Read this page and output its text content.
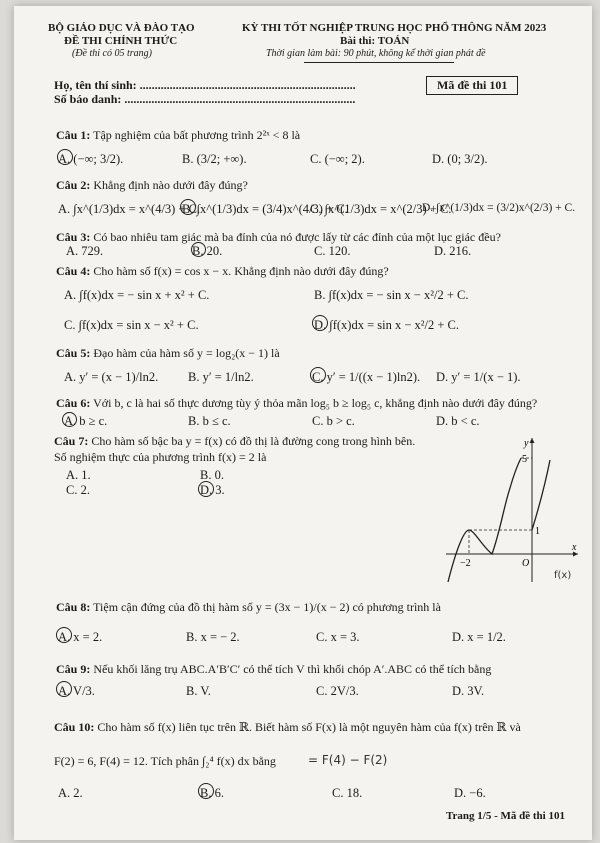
BỘ GIÁO DỤC VÀ ĐÀO TẠO
ĐỀ THI CHÍNH THỨC
(Đề thi có 05 trang)
KỲ THI TỐT NGHIỆP TRUNG HỌC PHỔ THÔNG NĂM 2023
Bài thi: TOÁN
Thời gian làm bài: 90 phút, không kể thời gian phát đề
Họ, tên thí sinh: ........................................................................
Số báo danh: .............................................................................
Mã đề thi 101
Câu 1: Tập nghiệm của bất phương trình 2²ˣ < 8 là
A. (−∞; 3/2).	B. (3/2; +∞).	C. (−∞; 2).	D. (0; 3/2).
Câu 2: Khẳng định nào dưới đây đúng?
A. ∫x^(1/3)dx = x^(4/3) + C.
B. ∫x^(1/3)dx = (3/4)x^(4/3) + C.
C. ∫x^(1/3)dx = x^(2/3) + C.
D. ∫x^(1/3)dx = (3/2)x^(2/3) + C.
Câu 3: Có bao nhiêu tam giác mà ba đỉnh của nó được lấy từ các đỉnh của một lục giác đều?
A. 729.	B. 20.	C. 120.	D. 216.
Câu 4: Cho hàm số f(x) = cos x − x. Khẳng định nào dưới đây đúng?
A. ∫f(x)dx = − sin x + x² + C.	B. ∫f(x)dx = − sin x − x²/2 + C.
C. ∫f(x)dx = sin x − x² + C.	D. ∫f(x)dx = sin x − x²/2 + C.
Câu 5: Đạo hàm của hàm số y = log₂(x − 1) là
A. y′ = (x − 1)/ln2. B. y′ = 1/ln2.	C. y′ = 1/((x − 1)ln2). D. y′ = 1/(x − 1).
Câu 6: Với b, c là hai số thực dương tùy ý thỏa mãn log₅ b ≥ log₅ c, khẳng định nào dưới đây đúng?
A. b ≥ c.	B. b ≤ c.	C. b > c.	D. b < c.
Câu 7: Cho hàm số bậc ba y = f(x) có đồ thị là đường cong trong hình bên.
Số nghiệm thực của phương trình f(x) = 2 là
A. 1.	B. 0.
C. 2.	D. 3.
y
x
O
5
1
−2
f(x)
Câu 8: Tiệm cận đứng của đồ thị hàm số y = (3x − 1)/(x − 2) có phương trình là
A. x = 2.	B. x = − 2.	C. x = 3.	D. x = 1/2.
Câu 9: Nếu khối lăng trụ ABC.A′B′C′ có thể tích V thì khối chóp A′.ABC có thể tích bằng
A. V/3.	B. V.	C. 2V/3.	D. 3V.
Câu 10: Cho hàm số f(x) liên tục trên ℝ. Biết hàm số F(x) là một nguyên hàm của f(x) trên ℝ và
F(2) = 6, F(4) = 12. Tích phân ∫₂⁴ f(x) dx bằng	= F(4) − F(2)
A. 2.	B. 6.	C. 18.	D. −6.
Trang 1/5 - Mã đề thi 101
